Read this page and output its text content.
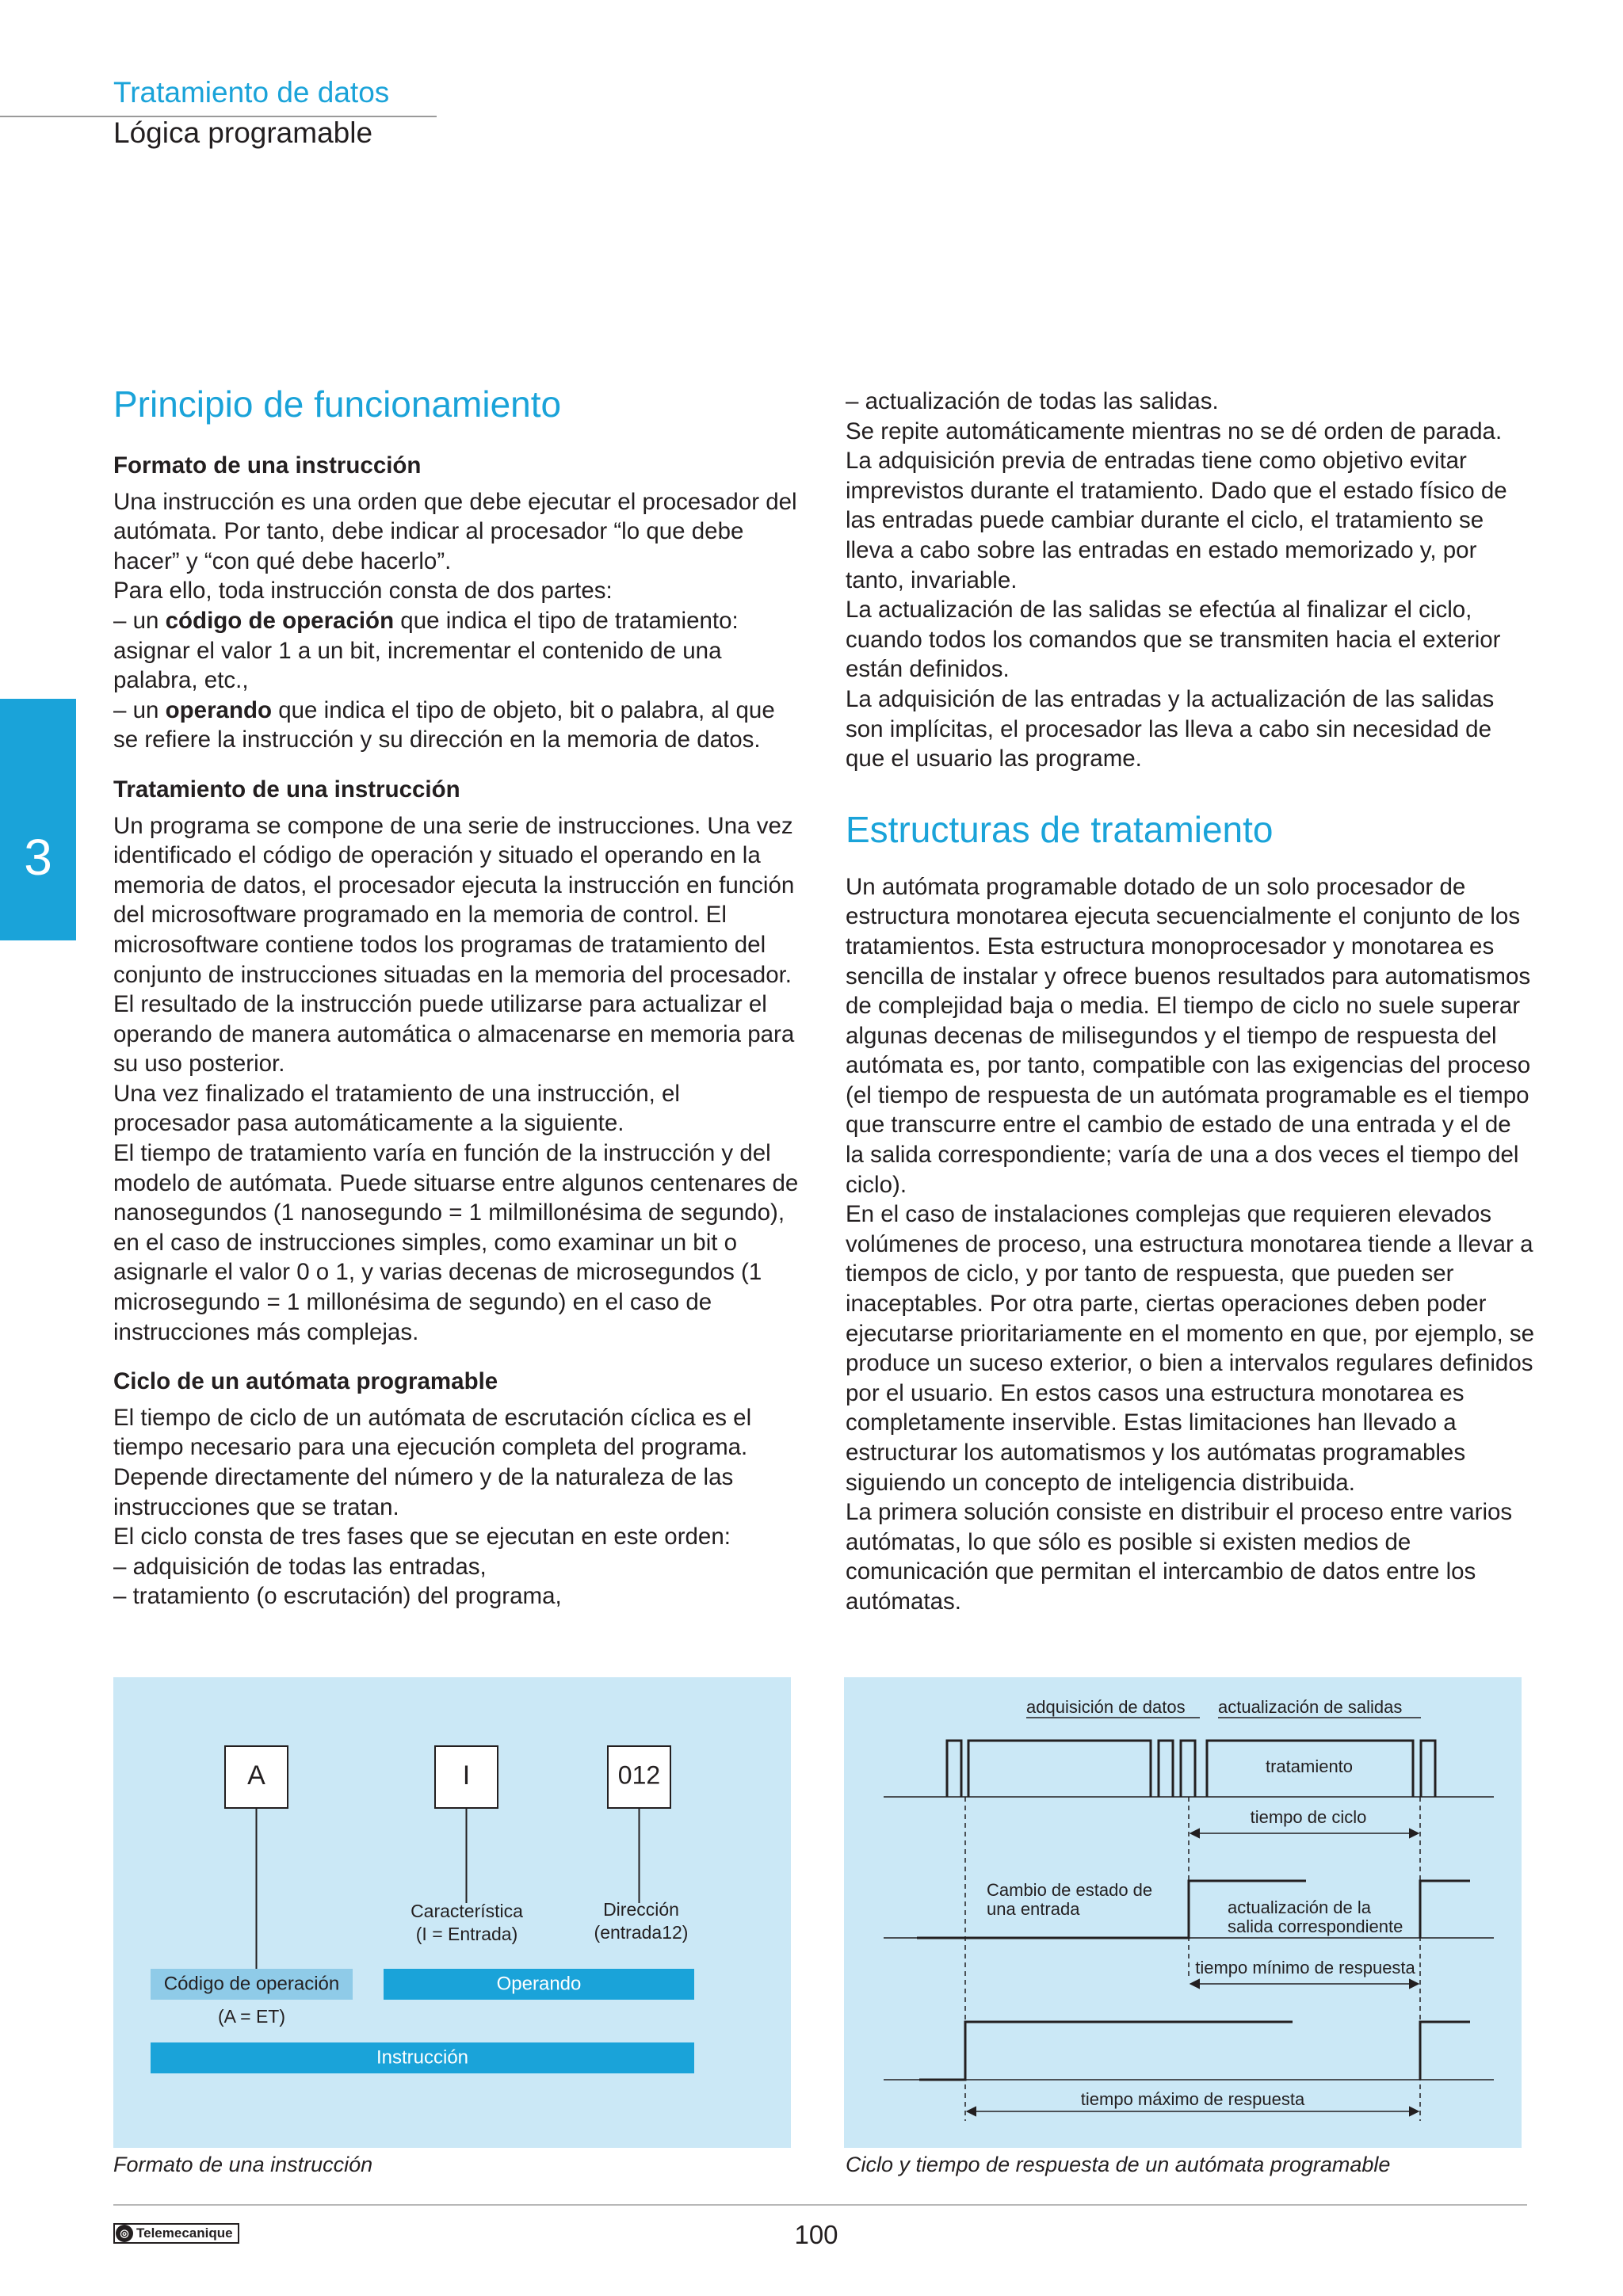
Tratamiento de datos
Lógica programable
3
Principio de funcionamiento

Formato de una instrucción

Una instrucción es una orden que debe ejecutar el procesador del autómata. Por tanto, debe indicar al procesador “lo que debe hacer” y “con qué debe hacerlo”.

Para ello, toda instrucción consta de dos partes:

– un código de operación que indica el tipo de tratamiento: asignar el valor 1 a un bit, incrementar el contenido de una palabra, etc.,

– un operando que indica el tipo de objeto, bit o palabra, al que se refiere la instrucción y su dirección en la memoria de datos.

Tratamiento de una instrucción

Un programa se compone de una serie de instrucciones. Una vez identificado el código de operación y situado el operando en la memoria de datos, el procesador ejecuta la instrucción en función del microsoftware programado en la memoria de control. El microsoftware contiene todos los programas de tratamiento del conjunto de instrucciones situadas en la memoria del procesador. El resultado de la instrucción puede utilizarse para actualizar el operando de manera automática o almacenarse en memoria para su uso posterior.

Una vez finalizado el tratamiento de una instrucción, el procesador pasa automáticamente a la siguiente.

El tiempo de tratamiento varía en función de la instrucción y del modelo de autómata. Puede situarse entre algunos centenares de nanosegundos (1 nanosegundo = 1 milmillonésima de segundo), en el caso de instrucciones simples, como examinar un bit o asignarle el valor 0 o 1, y varias decenas de microsegundos (1 microsegundo = 1 millonésima de segundo) en el caso de instrucciones más complejas.

Ciclo de un autómata programable

El tiempo de ciclo de un autómata de escrutación cíclica es el tiempo necesario para una ejecución completa del programa. Depende directamente del número y de la naturaleza de las instrucciones que se tratan.

El ciclo consta de tres fases que se ejecutan en este orden:

– adquisición de todas las entradas,

– tratamiento (o escrutación) del programa,

– actualización de todas las salidas.

Se repite automáticamente mientras no se dé orden de parada.

La adquisición previa de entradas tiene como objetivo evitar imprevistos durante el tratamiento. Dado que el estado físico de las entradas puede cambiar durante el ciclo, el tratamiento se lleva a cabo sobre las entradas en estado memorizado y, por tanto, invariable.

La actualización de las salidas se efectúa al finalizar el ciclo, cuando todos los comandos que se transmiten hacia el exterior están definidos.

La adquisición de las entradas y la actualización de las salidas son implícitas, el procesador las lleva a cabo sin necesidad de que el usuario las programe.

Estructuras de tratamiento

Un autómata programable dotado de un solo procesador de estructura monotarea ejecuta secuencialmente el conjunto de los tratamientos. Esta estructura monoprocesador y monotarea es sencilla de instalar y ofrece buenos resultados para automatismos de complejidad baja o media. El tiempo de ciclo no suele superar algunas decenas de milisegundos y el tiempo de respuesta del autómata es, por tanto, compatible con las exigencias del proceso (el tiempo de respuesta de un autómata programable es el tiempo que transcurre entre el cambio de estado de una entrada y el de la salida correspondiente; varía de una a dos veces el tiempo del ciclo).

En el caso de instalaciones complejas que requieren elevados volúmenes de proceso, una estructura monotarea tiende a llevar a tiempos de ciclo, y por tanto de respuesta, que pueden ser inaceptables. Por otra parte, ciertas operaciones deben poder ejecutarse prioritariamente en el momento en que, por ejemplo, se produce un suceso exterior, o bien a intervalos regulares definidos por el usuario. En estos casos una estructura monotarea es completamente inservible. Estas limitaciones han llevado a estructurar los automatismos y los autómatas programables siguiendo un concepto de inteligencia distribuida.

La primera solución consiste en distribuir el proceso entre varios autómatas, lo que sólo es posible si existen medios de comunicación que permitan el intercambio de datos entre los autómatas.

A	I	012
Característica
(I = Entrada)
Dirección
(entrada12)
Código de operación
(A = ET)
Operando
Instrucción
Formato de una instrucción
adquisición de datos actualización de salidas
tratamiento
tiempo de ciclo
Cambio de estado de
una entrada	actualización de la
salida correspondiente
tiempo mínimo de respuesta
tiempo máximo de respuesta
Ciclo y tiempo de respuesta de un autómata programable
◎ Telemecanique	100
